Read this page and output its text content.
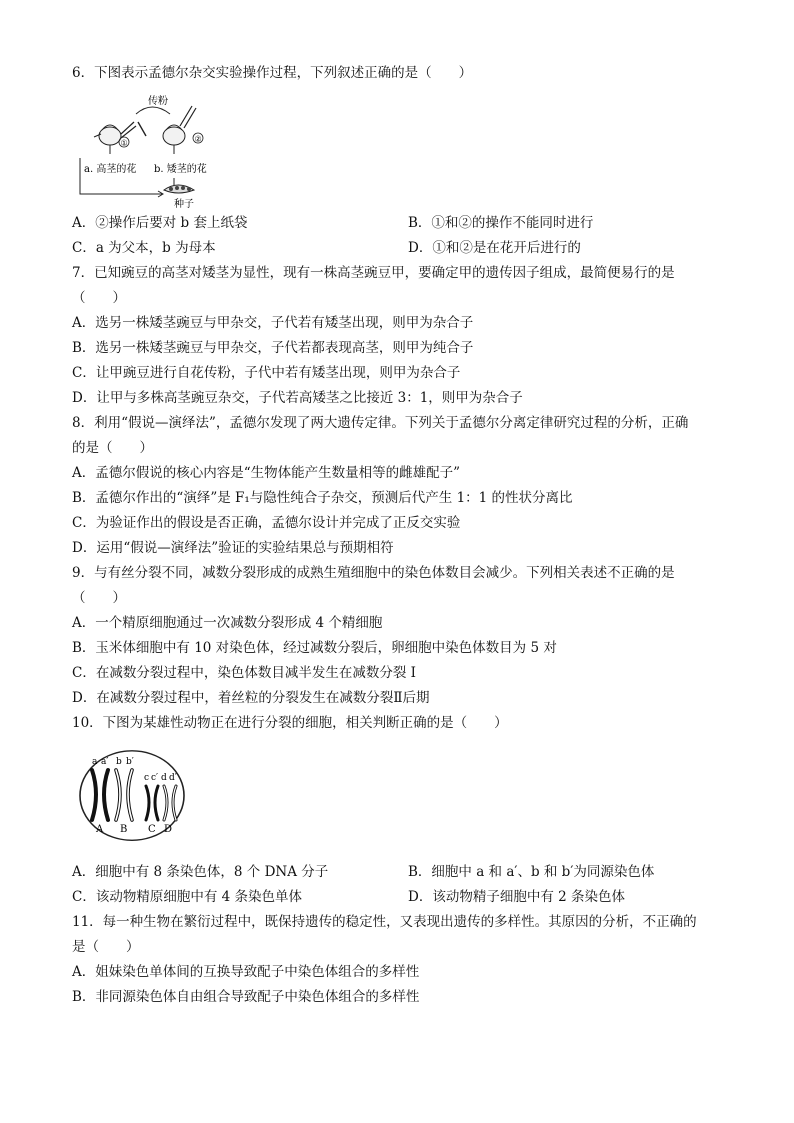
6．下图表示孟德尔杂交实验操作过程，下列叙述正确的是（　　）
传粉
①	②
a. 高茎的花 b. 矮茎的花
种子
A．②操作后要对 b 套上纸袋	B．①和②的操作不能同时进行
C．a 为父本，b 为母本	D．①和②是在花开后进行的
7．已知豌豆的高茎对矮茎为显性，现有一株高茎豌豆甲，要确定甲的遗传因子组成，最简便易行的是
（　　）
A．选另一株矮茎豌豆与甲杂交，子代若有矮茎出现，则甲为杂合子
B．选另一株矮茎豌豆与甲杂交，子代若都表现高茎，则甲为纯合子
C．让甲豌豆进行自花传粉，子代中若有矮茎出现，则甲为杂合子
D．让甲与多株高茎豌豆杂交，子代若高矮茎之比接近 3：1，则甲为杂合子
8．利用“假说—演绎法”，孟德尔发现了两大遗传定律。下列关于孟德尔分离定律研究过程的分析，正确
的是（　　）
A．孟德尔假说的核心内容是“生物体能产生数量相等的雌雄配子”
B．孟德尔作出的“演绎”是 F₁与隐性纯合子杂交，预测后代产生 1：1 的性状分离比
C．为验证作出的假设是否正确，孟德尔设计并完成了正反交实验
D．运用“假说—演绎法”验证的实验结果总与预期相符
9．与有丝分裂不同，减数分裂形成的成熟生殖细胞中的染色体数目会减少。下列相关表述不正确的是
（　　）
A．一个精原细胞通过一次减数分裂形成 4 个精细胞
B．玉米体细胞中有 10 对染色体，经过减数分裂后，卵细胞中染色体数目为 5 对
C．在减数分裂过程中，染色体数目减半发生在减数分裂 I
D．在减数分裂过程中，着丝粒的分裂发生在减数分裂Ⅱ后期
10．下图为某雄性动物正在进行分裂的细胞，相关判断正确的是（　　）
a a′ b b′
c c′ d d′
A B C D
A．细胞中有 8 条染色体，8 个 DNA 分子	B．细胞中 a 和 a′、b 和 b′为同源染色体
C．该动物精原细胞中有 4 条染色单体	D．该动物精子细胞中有 2 条染色体
11．每一种生物在繁衍过程中，既保持遗传的稳定性，又表现出遗传的多样性。其原因的分析，不正确的
是（　　）
A．姐妹染色单体间的互换导致配子中染色体组合的多样性
B．非同源染色体自由组合导致配子中染色体组合的多样性
